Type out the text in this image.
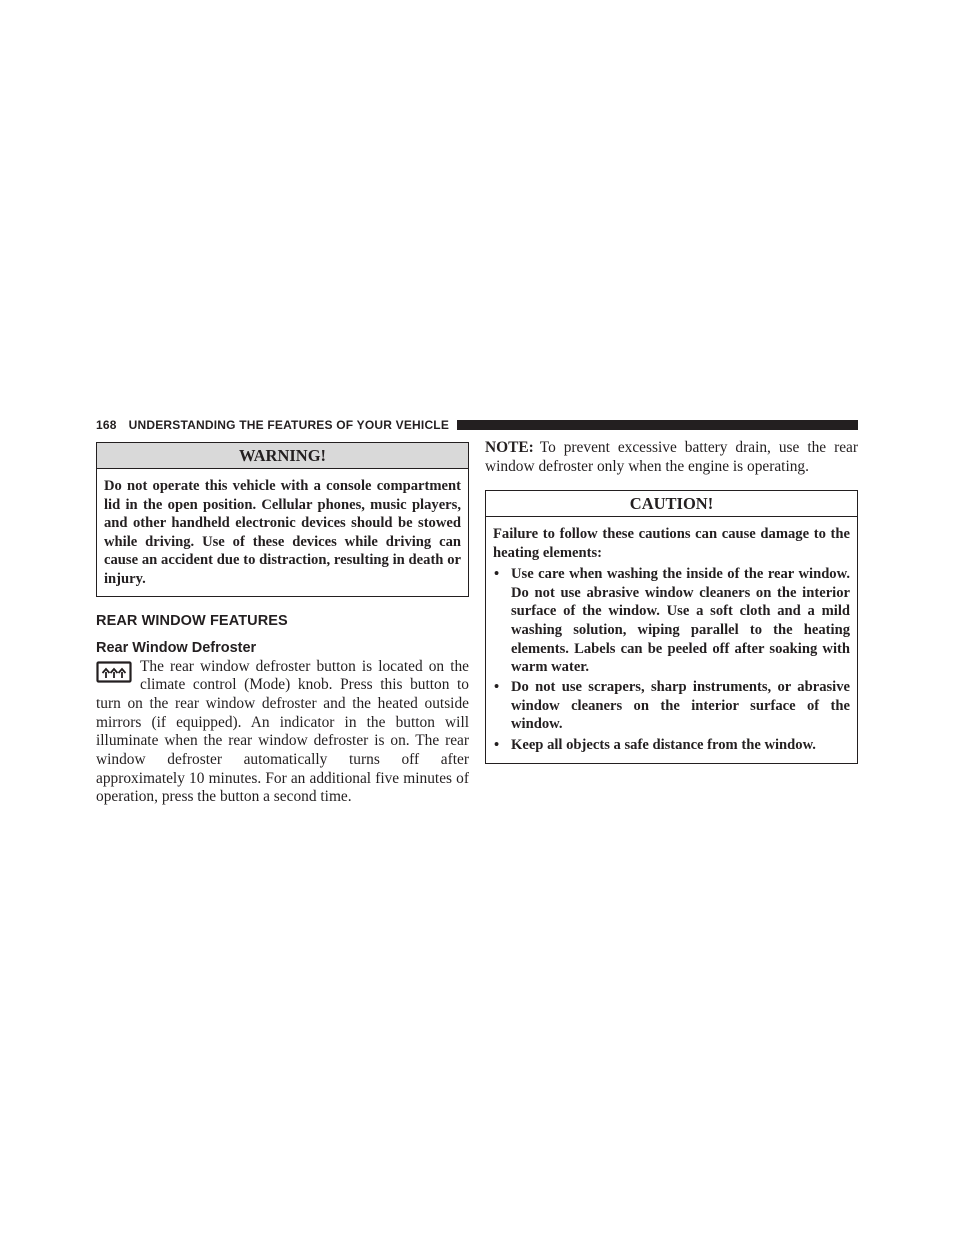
168 UNDERSTANDING THE FEATURES OF YOUR VEHICLE
WARNING!
Do not operate this vehicle with a console compartment lid in the open position. Cellular phones, music players, and other handheld electronic devices should be stowed while driving. Use of these devices while driving can cause an accident due to distraction, resulting in death or injury.
REAR WINDOW FEATURES
Rear Window Defroster
The rear window defroster button is located on the climate control (Mode) knob. Press this button to turn on the rear window defroster and the heated outside mirrors (if equipped). An indicator in the button will illuminate when the rear window defroster is on. The rear window defroster automatically turns off after approximately 10 minutes. For an additional five minutes of operation, press the button a second time.

NOTE: To prevent excessive battery drain, use the rear window defroster only when the engine is operating.

CAUTION!
Failure to follow these cautions can cause damage to the heating elements:
• Use care when washing the inside of the rear window. Do not use abrasive window cleaners on the interior surface of the window. Use a soft cloth and a mild washing solution, wiping parallel to the heating elements. Labels can be peeled off after soaking with warm water.
• Do not use scrapers, sharp instruments, or abrasive window cleaners on the interior surface of the window.
• Keep all objects a safe distance from the window.
